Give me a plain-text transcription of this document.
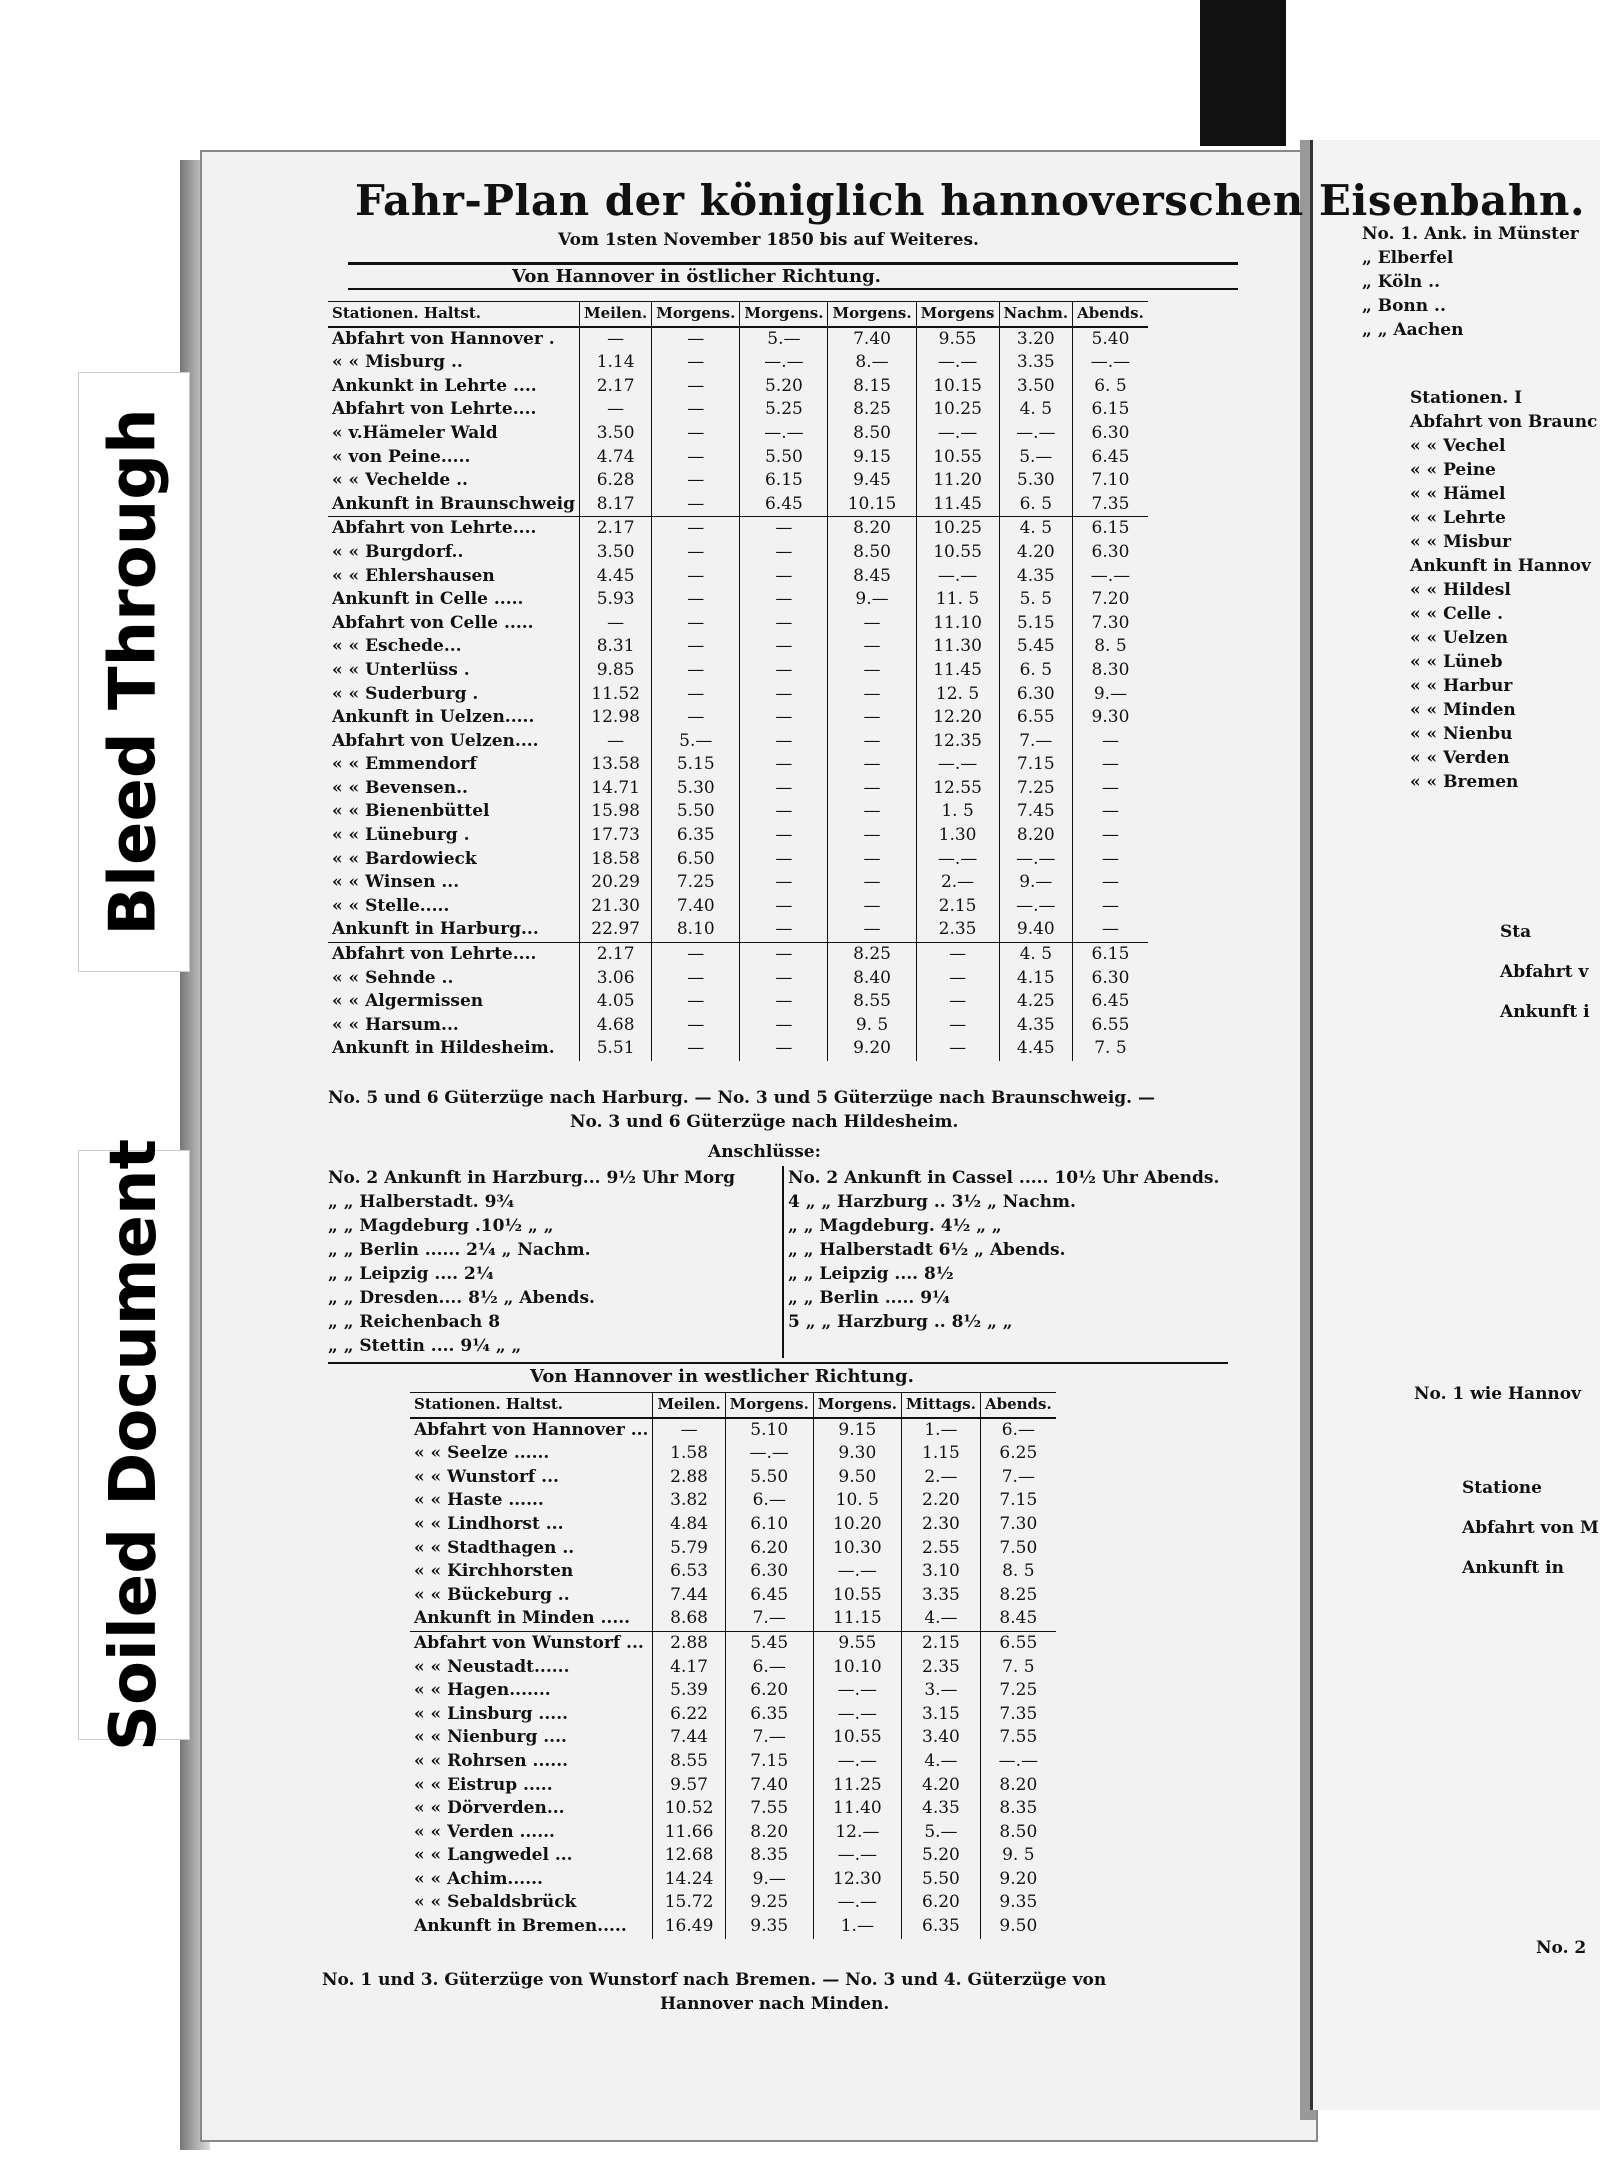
Bleed Through
Soiled Document
Fahr-Plan der königlich hannoverschen Eisenbahn.
Vom 1sten November 1850 bis auf Weiteres.
Von Hannover in östlicher Richtung.
Stationen. Haltst.	Meilen.	Morgens.	Morgens.	Morgens.	Morgens	Nachm.	Abends.
Abfahrt von Hannover .	—	—	5.—	7.40	9.55	3.20	5.40
« « Misburg ..	1.14	—	—.—	8.—	—.—	3.35	—.—
Ankunkt in Lehrte ....	2.17	—	5.20	8.15	10.15	3.50	6. 5
Abfahrt von Lehrte....	—	—	5.25	8.25	10.25	4. 5	6.15
« v.Hämeler Wald	3.50	—	—.—	8.50	—.—	—.—	6.30
« von Peine.....	4.74	—	5.50	9.15	10.55	5.—	6.45
« « Vechelde ..	6.28	—	6.15	9.45	11.20	5.30	7.10
Ankunft in Braunschweig	8.17	—	6.45	10.15	11.45	6. 5	7.35
Abfahrt von Lehrte....	2.17	—	—	8.20	10.25	4. 5	6.15
« « Burgdorf..	3.50	—	—	8.50	10.55	4.20	6.30
« « Ehlershausen	4.45	—	—	8.45	—.—	4.35	—.—
Ankunft in Celle .....	5.93	—	—	9.—	11. 5	5. 5	7.20
Abfahrt von Celle .....	—	—	—	—	11.10	5.15	7.30
« « Eschede...	8.31	—	—	—	11.30	5.45	8. 5
« « Unterlüss .	9.85	—	—	—	11.45	6. 5	8.30
« « Suderburg .	11.52	—	—	—	12. 5	6.30	9.—
Ankunft in Uelzen.....	12.98	—	—	—	12.20	6.55	9.30
Abfahrt von Uelzen....	—	5.—	—	—	12.35	7.—	—
« « Emmendorf	13.58	5.15	—	—	—.—	7.15	—
« « Bevensen..	14.71	5.30	—	—	12.55	7.25	—
« « Bienenbüttel	15.98	5.50	—	—	1. 5	7.45	—
« « Lüneburg .	17.73	6.35	—	—	1.30	8.20	—
« « Bardowieck	18.58	6.50	—	—	—.—	—.—	—
« « Winsen ...	20.29	7.25	—	—	2.—	9.—	—
« « Stelle.....	21.30	7.40	—	—	2.15	—.—	—
Ankunft in Harburg...	22.97	8.10	—	—	2.35	9.40	—
Abfahrt von Lehrte....	2.17	—	—	8.25	—	4. 5	6.15
« « Sehnde ..	3.06	—	—	8.40	—	4.15	6.30
« « Algermissen	4.05	—	—	8.55	—	4.25	6.45
« « Harsum...	4.68	—	—	9. 5	—	4.35	6.55
Ankunft in Hildesheim.	5.51	—	—	9.20	—	4.45	7. 5
No. 5 und 6 Güterzüge nach Harburg. — No. 3 und 5 Güterzüge nach Braunschweig. —
No. 3 und 6 Güterzüge nach Hildesheim.
Anschlüsse:
No. 2 Ankunft in Harzburg... 9½ Uhr Morg
„ „ Halberstadt. 9¾
„ „ Magdeburg .10½ „ „
„ „ Berlin ...... 2¼ „ Nachm.
„ „ Leipzig .... 2¼
„ „ Dresden.... 8½ „ Abends.
„ „ Reichenbach 8
„ „ Stettin .... 9¼ „ „
No. 2 Ankunft in Cassel ..... 10½ Uhr Abends.
4 „ „ Harzburg .. 3½ „ Nachm.
„ „ Magdeburg. 4½ „ „
„ „ Halberstadt 6½ „ Abends.
„ „ Leipzig .... 8½
„ „ Berlin ..... 9¼
5 „ „ Harzburg .. 8½ „ „
Von Hannover in westlicher Richtung.
Stationen. Haltst.	Meilen.	Morgens.	Morgens.	Mittags.	Abends.
Abfahrt von Hannover ...	—	5.10	9.15	1.—	6.—
« « Seelze ......	1.58	—.—	9.30	1.15	6.25
« « Wunstorf ...	2.88	5.50	9.50	2.—	7.—
« « Haste ......	3.82	6.—	10. 5	2.20	7.15
« « Lindhorst ...	4.84	6.10	10.20	2.30	7.30
« « Stadthagen ..	5.79	6.20	10.30	2.55	7.50
« « Kirchhorsten	6.53	6.30	—.—	3.10	8. 5
« « Bückeburg ..	7.44	6.45	10.55	3.35	8.25
Ankunft in Minden .....	8.68	7.—	11.15	4.—	8.45
Abfahrt von Wunstorf ...	2.88	5.45	9.55	2.15	6.55
« « Neustadt......	4.17	6.—	10.10	2.35	7. 5
« « Hagen.......	5.39	6.20	—.—	3.—	7.25
« « Linsburg .....	6.22	6.35	—.—	3.15	7.35
« « Nienburg ....	7.44	7.—	10.55	3.40	7.55
« « Rohrsen ......	8.55	7.15	—.—	4.—	—.—
« « Eistrup .....	9.57	7.40	11.25	4.20	8.20
« « Dörverden...	10.52	7.55	11.40	4.35	8.35
« « Verden ......	11.66	8.20	12.—	5.—	8.50
« « Langwedel ...	12.68	8.35	—.—	5.20	9. 5
« « Achim......	14.24	9.—	12.30	5.50	9.20
« « Sebaldsbrück	15.72	9.25	—.—	6.20	9.35
Ankunft in Bremen.....	16.49	9.35	1.—	6.35	9.50
No. 1 und 3. Güterzüge von Wunstorf nach Bremen. — No. 3 und 4. Güterzüge von
Hannover nach Minden.
No. 1. Ank. in Münster
„ Elberfel
„ Köln ..
„ Bonn ..
„ „ Aachen
Stationen. I
Abfahrt von Braunc
« « Vechel
« « Peine
« « Hämel
« « Lehrte
« « Misbur
Ankunft in Hannov
« « Hildesl
« « Celle .
« « Uelzen
« « Lüneb
« « Harbur
« « Minden
« « Nienbu
« « Verden
« « Bremen
Sta
Abfahrt v
Ankunft i
No. 1 wie Hannov
Statione
Abfahrt von M
Ankunft in
No. 2
